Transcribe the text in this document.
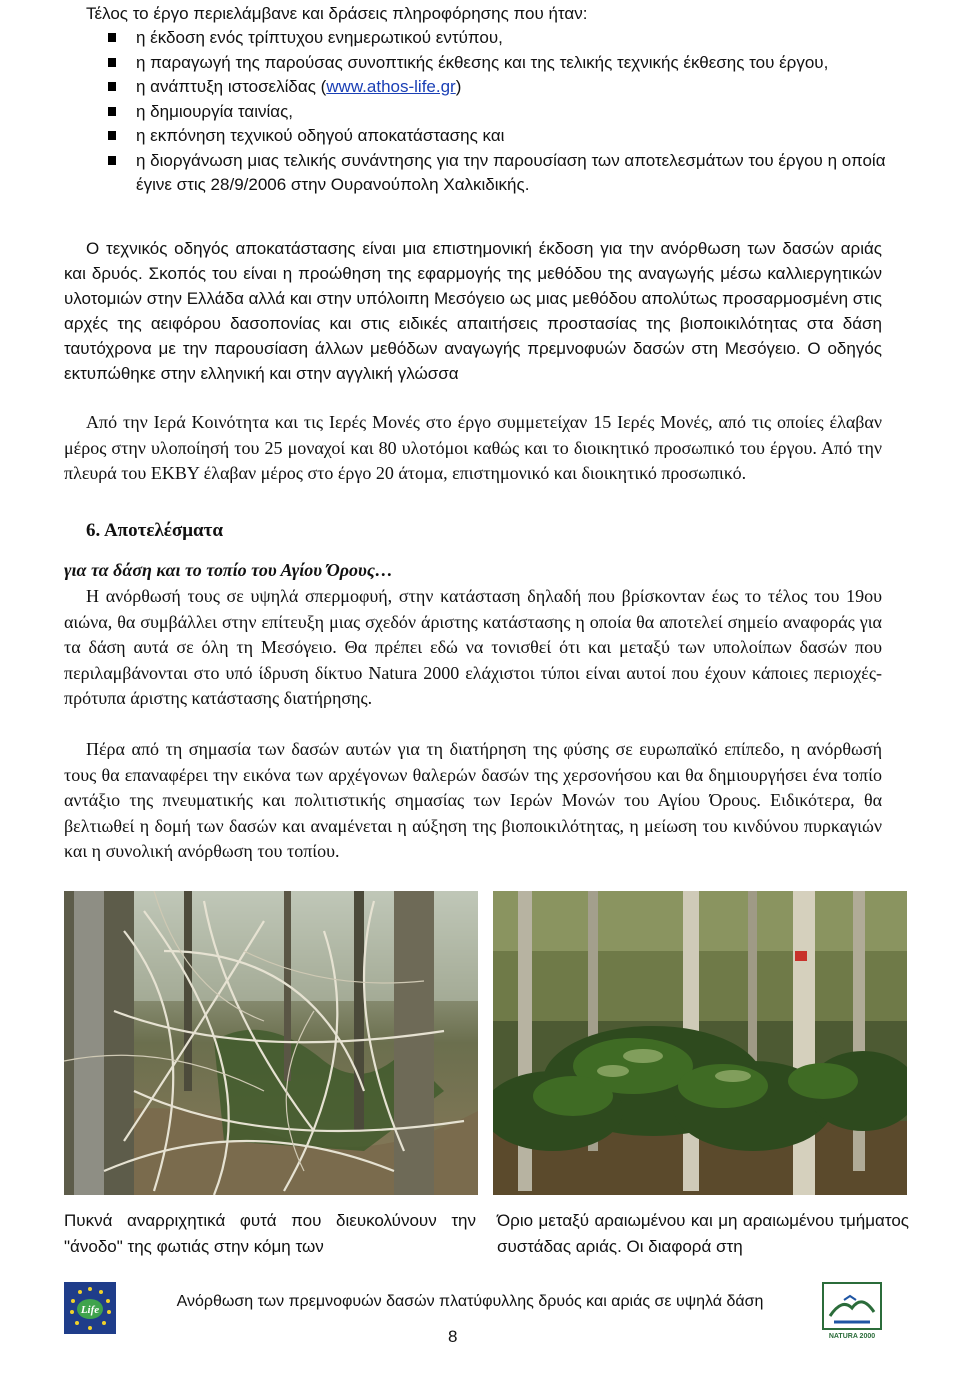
Τέλος το έργο περιελάμβανε και δράσεις πληροφόρησης που ήταν:
η έκδοση ενός τρίπτυχου ενημερωτικού εντύπου,
η παραγωγή της παρούσας συνοπτικής έκθεσης και της τελικής τεχνικής έκθεσης του έργου,
η ανάπτυξη ιστοσελίδας (www.athos-life.gr)
η δημιουργία ταινίας,
η εκπόνηση τεχνικού οδηγού αποκατάστασης και
η διοργάνωση μιας τελικής συνάντησης για την παρουσίαση των αποτελεσμάτων του έργου η οποία έγινε στις 28/9/2006 στην Ουρανούπολη Χαλκιδικής.

Ο τεχνικός οδηγός αποκατάστασης είναι μια επιστημονική έκδοση για την ανόρθωση των δασών αριάς και δρυός. Σκοπός του είναι η προώθηση της εφαρμογής της μεθόδου της αναγωγής μέσω καλλιεργητικών υλοτομιών στην Ελλάδα αλλά και στην υπόλοιπη Μεσόγειο ως μιας μεθόδου απολύτως προσαρμοσμένη στις αρχές της αειφόρου δασοπονίας και στις ειδικές απαιτήσεις προστασίας της βιοποικιλότητας στα δάση ταυτόχρονα με την παρουσίαση άλλων μεθόδων αναγωγής πρεμνοφυών δασών στη Μεσόγειο. Ο οδηγός εκτυπώθηκε στην ελληνική και στην αγγλική γλώσσα

Από την Ιερά Κοινότητα και τις Ιερές Μονές στο έργο συμμετείχαν 15 Ιερές Μονές, από τις οποίες έλαβαν μέρος στην υλοποίησή του 25 μοναχοί και 80 υλοτόμοι καθώς και το διοικητικό προσωπικό του έργου. Από την πλευρά του ΕΚΒΥ έλαβαν μέρος στο έργο 20 άτομα, επιστημονικό και διοικητικό προσωπικό.

6. Αποτελέσματα

για τα δάση και το τοπίο του Αγίου Όρους…

Η ανόρθωσή τους σε υψηλά σπερμοφυή, στην κατάσταση δηλαδή που βρίσκονταν έως το τέλος του 19ου αιώνα, θα συμβάλλει στην επίτευξη μιας σχεδόν άριστης κατάστασης η οποία θα αποτελεί σημείο αναφοράς για τα δάση αυτά σε όλη τη Μεσόγειο. Θα πρέπει εδώ να τονισθεί ότι και μεταξύ των υπολοίπων δασών που περιλαμβάνονται στο υπό ίδρυση δίκτυο Natura 2000 ελάχιστοι τύποι είναι αυτοί που έχουν κάποιες περιοχές-πρότυπα άριστης κατάστασης διατήρησης.

Πέρα από τη σημασία των δασών αυτών για τη διατήρηση της φύσης σε ευρωπαϊκό επίπεδο, η ανόρθωσή τους θα επαναφέρει την εικόνα των αρχέγονων θαλερών δασών της χερσονήσου και θα δημιουργήσει ένα τοπίο αντάξιο της πνευματικής και πολιτιστικής σημασίας των Ιερών Μονών του Αγίου Όρους. Ειδικότερα, θα βελτιωθεί η δομή των δασών και αναμένεται η αύξηση της βιοποικιλότητας, η μείωση του κινδύνου πυρκαγιών και η συνολική ανόρθωση του τοπίου.

Πυκνά αναρριχητικά φυτά που διευκολύνουν την "άνοδο" της φωτιάς στην κόμη των

Όριο μεταξύ αραιωμένου και μη αραιωμένου τμήματος συστάδας αριάς. Οι διαφορά στη

Life	Ανόρθωση των πρεμνοφυών δασών πλατύφυλλης δρυός και αριάς σε υψηλά δάση
NATURA 2000
8
